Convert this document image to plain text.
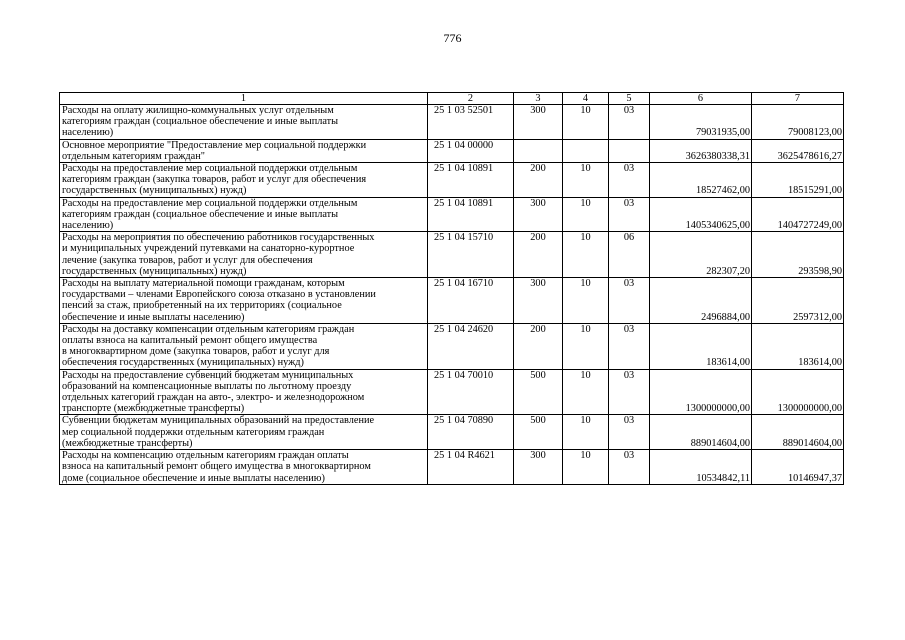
776
1	2	3	4	5	6	7

Расходы на оплату жилищно-коммунальных услуг отдельным
категориям граждан (социальное обеспечение и иные выплаты
населению)	25 1 03 52501	300	10	03	79031935,00	79008123,00

Основное мероприятие "Предоставление мер социальной поддержки
отдельным категориям граждан"	25 1 04 00000				3626380338,31	3625478616,27

Расходы на предоставление мер социальной поддержки отдельным
категориям граждан (закупка товаров, работ и услуг для обеспечения
государственных (муниципальных) нужд)	25 1 04 10891	200	10	03	18527462,00	18515291,00

Расходы на предоставление мер социальной поддержки отдельным
категориям граждан (социальное обеспечение и иные выплаты
населению)	25 1 04 10891	300	10	03	1405340625,00	1404727249,00

Расходы на мероприятия по обеспечению работников государственных
и муниципальных учреждений путевками на санаторно-курортное
лечение (закупка товаров, работ и услуг для обеспечения
государственных (муниципальных) нужд)	25 1 04 15710	200	10	06	282307,20	293598,90

Расходы на выплату материальной помощи гражданам, которым
государствами – членами Европейского союза отказано в установлении
пенсий за стаж, приобретенный на их территориях (социальное
обеспечение и иные выплаты населению)	25 1 04 16710	300	10	03	2496884,00	2597312,00

Расходы на доставку компенсации отдельным категориям граждан
оплаты взноса на капитальный ремонт общего имущества
в многоквартирном доме (закупка товаров, работ и услуг для
обеспечения государственных (муниципальных) нужд)	25 1 04 24620	200	10	03	183614,00	183614,00

Расходы на предоставление субвенций бюджетам муниципальных
образований на компенсационные выплаты по льготному проезду
отдельных категорий граждан на авто-, электро- и железнодорожном
транспорте (межбюджетные трансферты)	25 1 04 70010	500	10	03	1300000000,00	1300000000,00

Субвенции бюджетам муниципальных образований на предоставление
мер социальной поддержки отдельным категориям граждан
(межбюджетные трансферты)	25 1 04 70890	500	10	03	889014604,00	889014604,00

Расходы на компенсацию отдельным категориям граждан оплаты
взноса на капитальный ремонт общего имущества в многоквартирном
доме (социальное обеспечение и иные выплаты населению)	25 1 04 R4621	300	10	03	10534842,11	10146947,37
